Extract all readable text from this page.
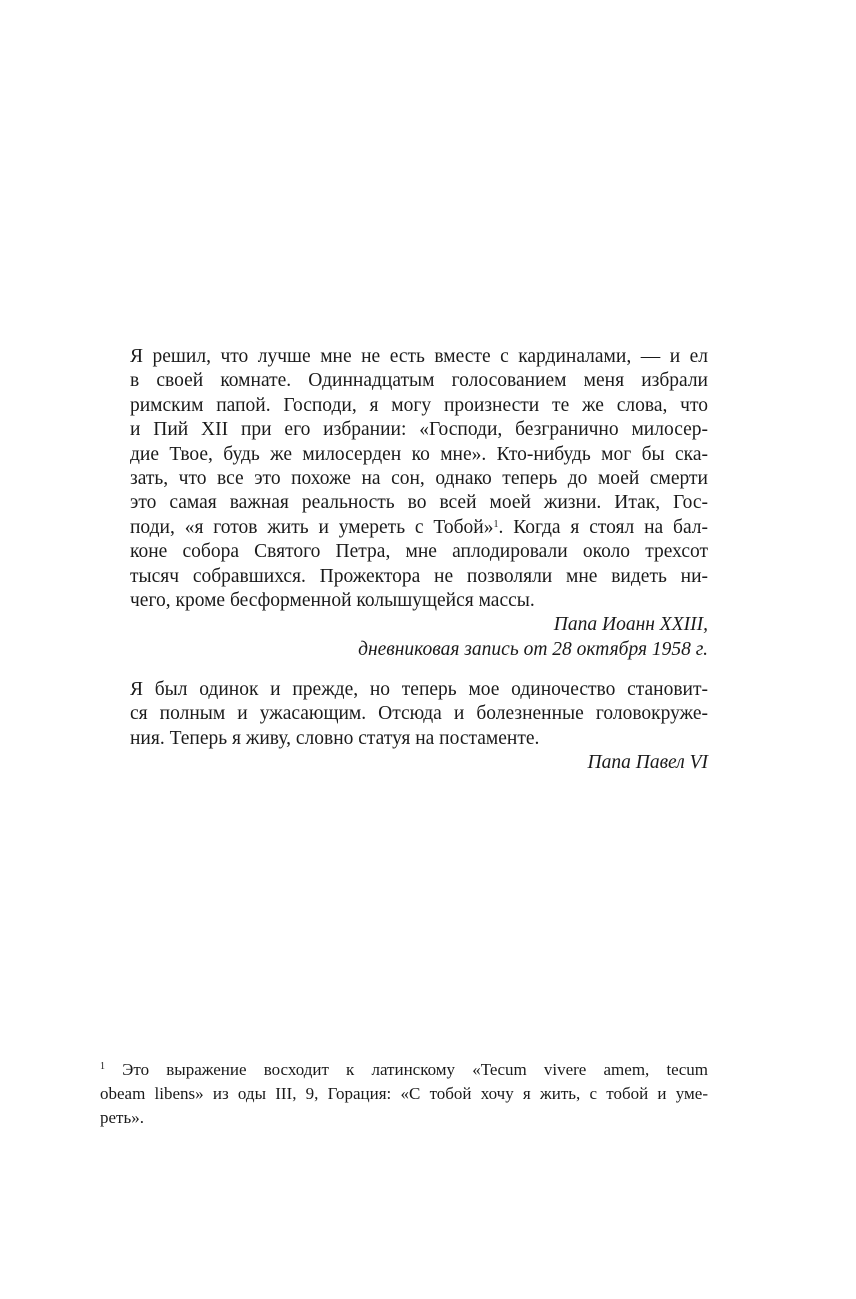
Я решил, что лучше мне не есть вместе с кардиналами, — и ел
в своей комнате. Одиннадцатым голосованием меня избрали
римским папой. Господи, я могу произнести те же слова, что
и Пий XII при его избрании: «Господи, безгранично милосер-
дие Твое, будь же милосерден ко мне». Кто-нибудь мог бы ска-
зать, что все это похоже на сон, однако теперь до моей смерти
это самая важная реальность во всей моей жизни. Итак, Гос-
поди, «я готов жить и умереть с Тобой»$^1$. Когда я стоял на бал-
коне собора Святого Петра, мне аплодировали около трехсот
тысяч собравшихся. Прожектора не позволяли мне видеть ни-
чего, кроме бесформенной колышущейся массы.
Папа Иоанн XXIII,
дневниковая запись от 28 октября 1958 г.
Я был одинок и прежде, но теперь мое одиночество становит-
ся полным и ужасающим. Отсюда и болезненные головокруже-
ния. Теперь я живу, словно статуя на постаменте.
Папа Павел VI
$^1$ Это выражение восходит к латинскому «Tecum vivere amem, tecum
obeam libens» из оды III, 9, Горация: «С тобой хочу я жить, с тобой и уме-
реть».
